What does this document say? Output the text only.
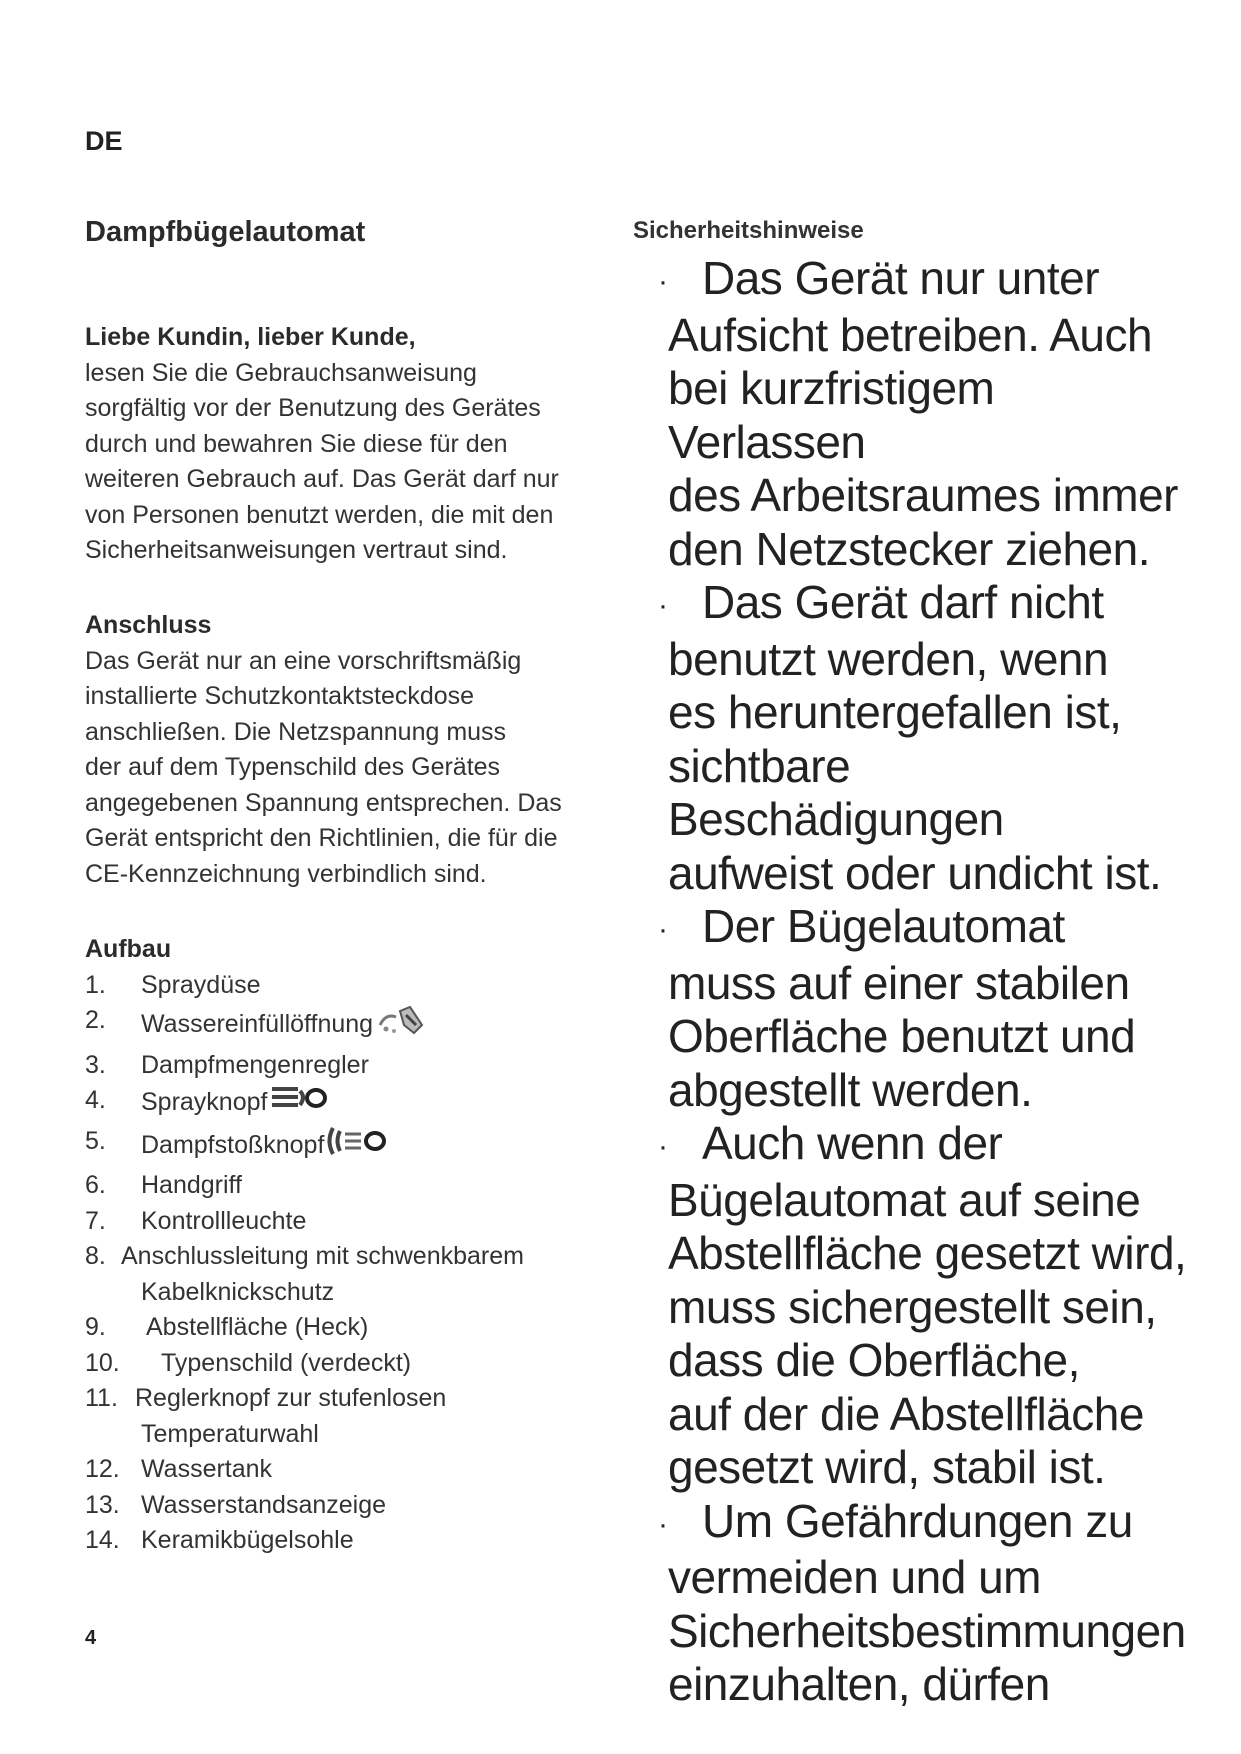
DE
Dampfbügelautomat
Liebe Kundin, lieber Kunde,
lesen Sie die Gebrauchsanweisung
sorgfältig vor der Benutzung des Gerätes
durch und bewahren Sie diese für den
weiteren Gebrauch auf. Das Gerät darf nur
von Personen benutzt werden, die mit den
Sicherheitsanweisungen vertraut sind.
Anschluss
Das Gerät nur an eine vorschriftsmäßig
installierte Schutzkontaktsteckdose
anschließen. Die Netzspannung muss
der auf dem Typenschild des Gerätes
angegebenen Spannung entsprechen. Das
Gerät entspricht den Richtlinien, die für die
CE-Kennzeichnung verbindlich sind.
Aufbau
1. Spraydüse
2. Wassereinfüllöffnung
3. Dampfmengenregler
4. Sprayknopf
5. Dampfstoßknopf
6. Handgriff
7. Kontrollleuchte
8. Anschlussleitung mit schwenkbarem
Kabelknickschutz
9. Abstellfläche (Heck)
10. Typenschild (verdeckt)
11. Reglerknopf zur stufenlosen
Temperaturwahl
12. Wassertank
13. Wasserstandsanzeige
14. Keramikbügelsohle
Sicherheitshinweise

· Das Gerät nur unter

Aufsicht betreiben. Auch

bei kurzfristigem Verlassen

des Arbeitsraumes immer

den Netzstecker ziehen.

· Das Gerät darf nicht

benutzt werden, wenn

es heruntergefallen ist,

sichtbare Beschädigungen

aufweist oder undicht ist.

· Der Bügelautomat

muss auf einer stabilen

Oberfläche benutzt und

abgestellt werden.

· Auch wenn der

Bügelautomat auf seine

Abstellfläche gesetzt wird,

muss sichergestellt sein,

dass die Oberfläche,

auf der die Abstellfläche

gesetzt wird, stabil ist.

· Um Gefährdungen zu

vermeiden und um

Sicherheitsbestimmungen

einzuhalten, dürfen

4
